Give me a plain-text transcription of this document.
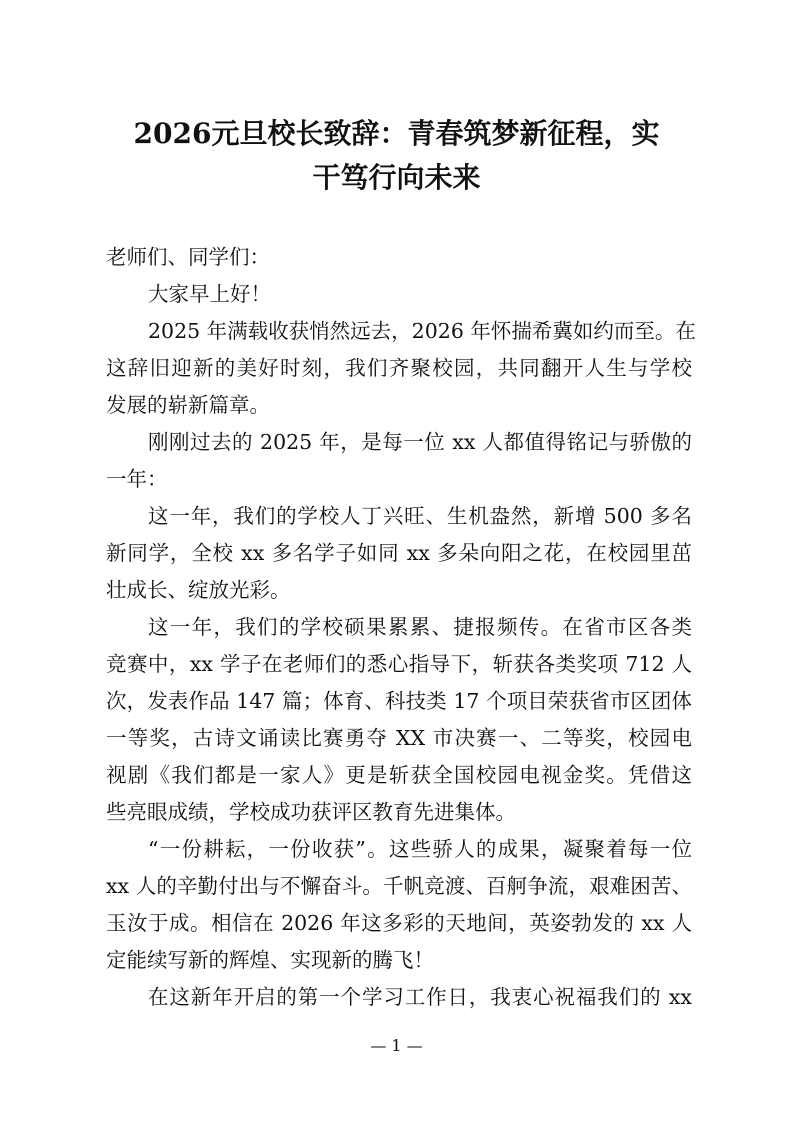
2026元旦校长致辞：青春筑梦新征程，实
干笃行向未来
老师们、同学们：
大家早上好！
2025 年满载收获悄然远去，2026 年怀揣希冀如约而至。在
这辞旧迎新的美好时刻，我们齐聚校园，共同翻开人生与学校
发展的崭新篇章。
刚刚过去的 2025 年，是每一位 xx 人都值得铭记与骄傲的
一年：
这一年，我们的学校人丁兴旺、生机盎然，新增 500 多名
新同学，全校 xx 多名学子如同 xx 多朵向阳之花，在校园里茁
壮成长、绽放光彩。
这一年，我们的学校硕果累累、捷报频传。在省市区各类
竞赛中，xx 学子在老师们的悉心指导下，斩获各类奖项 712 人
次，发表作品 147 篇；体育、科技类 17 个项目荣获省市区团体
一等奖，古诗文诵读比赛勇夺 XX 市决赛一、二等奖，校园电
视剧《我们都是一家人》更是斩获全国校园电视金奖。凭借这
些亮眼成绩，学校成功获评区教育先进集体。
“一份耕耘，一份收获”。这些骄人的成果，凝聚着每一位
xx 人的辛勤付出与不懈奋斗。千帆竞渡、百舸争流，艰难困苦、
玉汝于成。相信在 2026 年这多彩的天地间，英姿勃发的 xx 人
定能续写新的辉煌、实现新的腾飞！
在这新年开启的第一个学习工作日，我衷心祝福我们的 xx
— 1 —
